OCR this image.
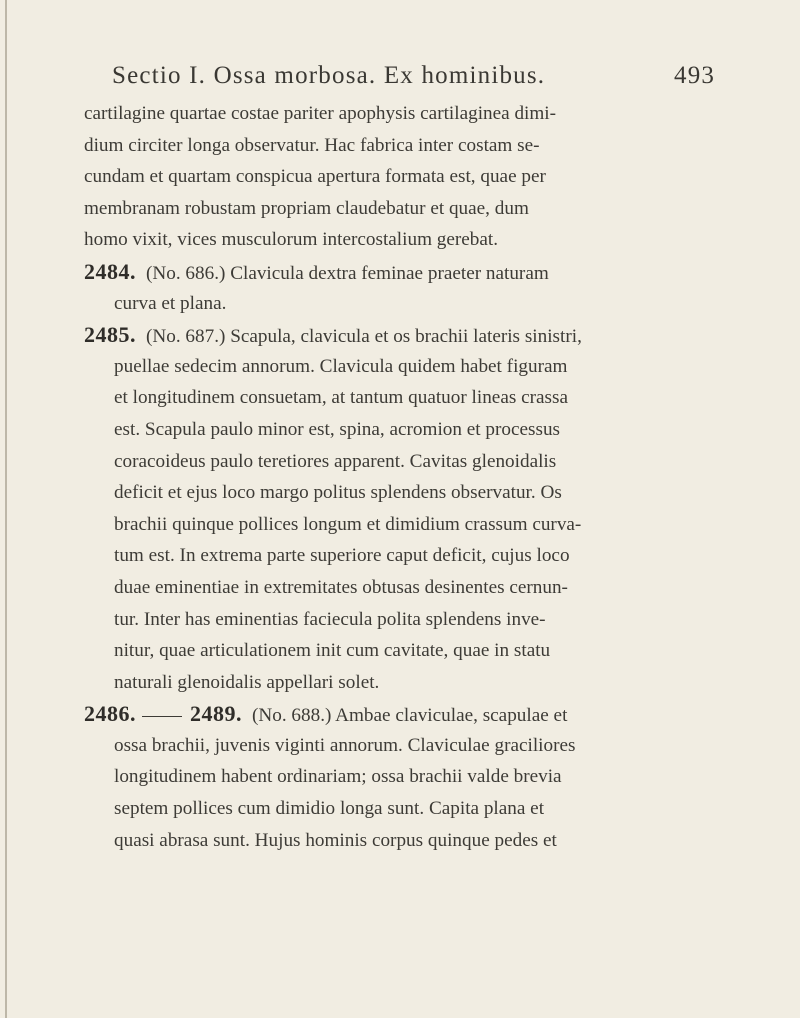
Sectio I. Ossa morbosa. Ex hominibus.	493
cartilagine quartae costae pariter apophysis cartilaginea dimi-
dium circiter longa observatur. Hac fabrica inter costam se-
cundam et quartam conspicua apertura formata est, quae per
membranam robustam propriam claudebatur et quae, dum
homo vixit, vices musculorum intercostalium gerebat.
2484. (No. 686.) Clavicula dextra feminae praeter naturam
curva et plana.
2485. (No. 687.) Scapula, clavicula et os brachii lateris sinistri,
puellae sedecim annorum. Clavicula quidem habet figuram
et longitudinem consuetam, at tantum quatuor lineas crassa
est. Scapula paulo minor est, spina, acromion et processus
coracoideus paulo teretiores apparent. Cavitas glenoidalis
deficit et ejus loco margo politus splendens observatur. Os
brachii quinque pollices longum et dimidium crassum curva-
tum est. In extrema parte superiore caput deficit, cujus loco
duae eminentiae in extremitates obtusas desinentes cernun-
tur. Inter has eminentias faciecula polita splendens inve-
nitur, quae articulationem init cum cavitate, quae in statu
naturali glenoidalis appellari solet.
2486. 2489. (No. 688.) Ambae claviculae, scapulae et
ossa brachii, juvenis viginti annorum. Claviculae graciliores
longitudinem habent ordinariam; ossa brachii valde brevia
septem pollices cum dimidio longa sunt. Capita plana et
quasi abrasa sunt. Hujus hominis corpus quinque pedes et
